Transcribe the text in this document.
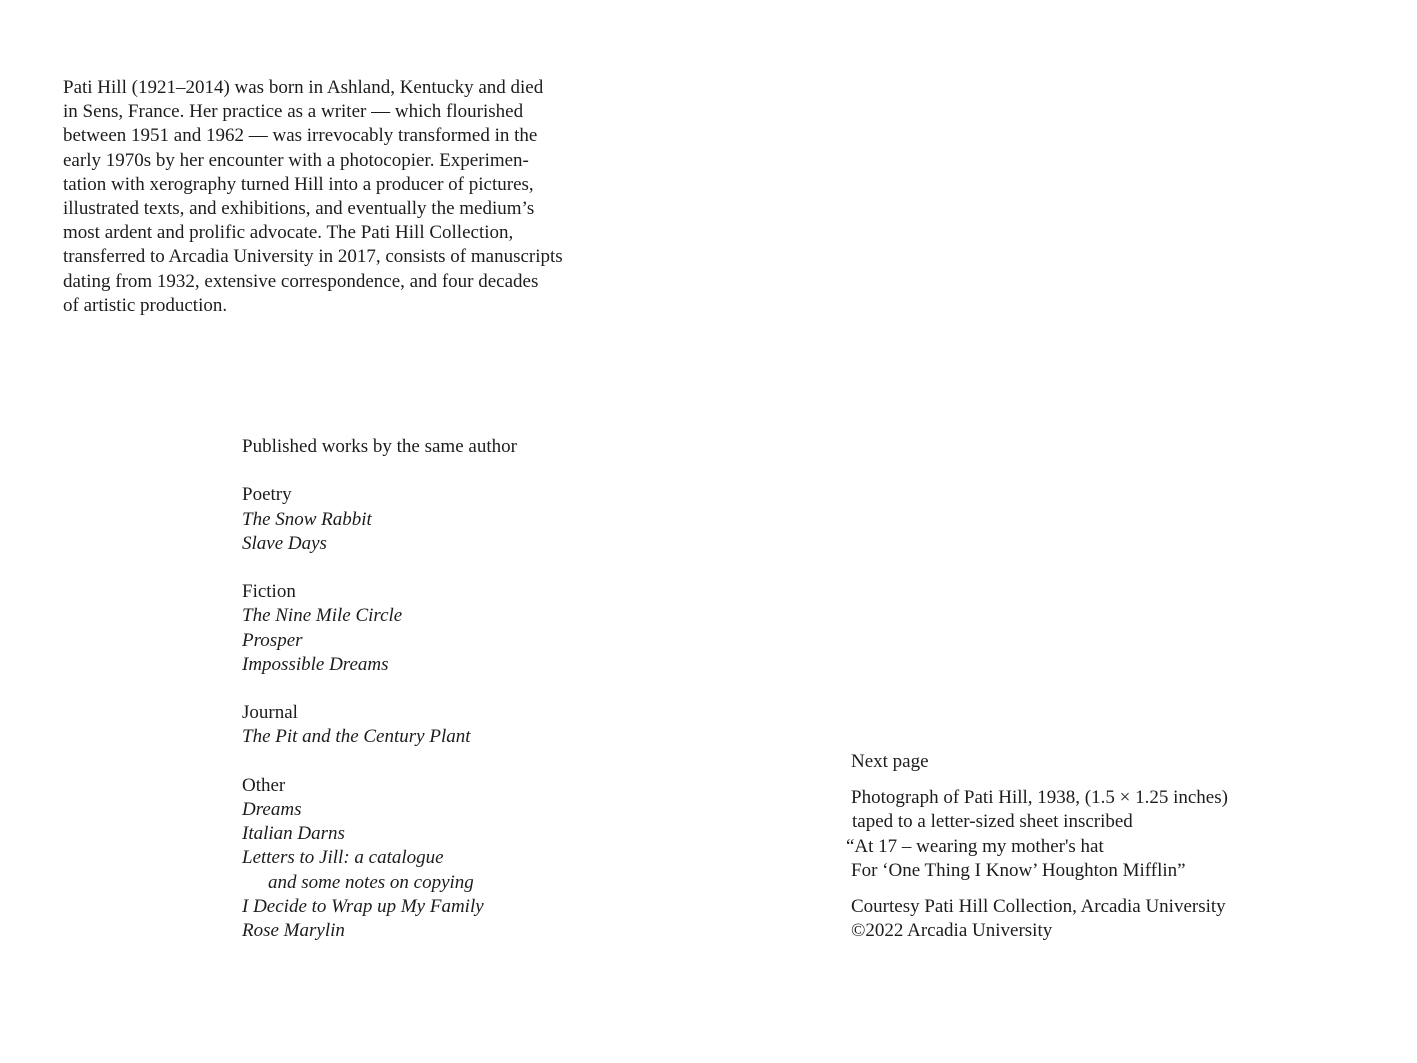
Pati Hill (1921–2014) was born in Ashland, Kentucky and died
in Sens, France. Her practice as a writer — which flourished
between 1951 and 1962 — was irrevocably transformed in the
early 1970s by her encounter with a photocopier. Experimen-
tation with xerography turned Hill into a producer of pictures,
illustrated texts, and exhibitions, and eventually the medium’s
most ardent and prolific advocate. The Pati Hill Collection,
transferred to Arcadia University in 2017, consists of manuscripts
dating from 1932, extensive correspondence, and four decades
of artistic production.
Published works by the same author
Poetry
The Snow Rabbit
Slave Days
Fiction
The Nine Mile Circle
Prosper
Impossible Dreams
Journal
The Pit and the Century Plant
Other
Dreams
Italian Darns
Letters to Jill: a catalogue
and some notes on copying
I Decide to Wrap up My Family
Rose Marylin
Next page
Photograph of Pati Hill, 1938, (1.5 × 1.25 inches)
taped to a letter-sized sheet inscribed
“At 17 – wearing my mother's hat
For ‘One Thing I Know’ Houghton Mifflin”
Courtesy Pati Hill Collection, Arcadia University
©2022 Arcadia University
